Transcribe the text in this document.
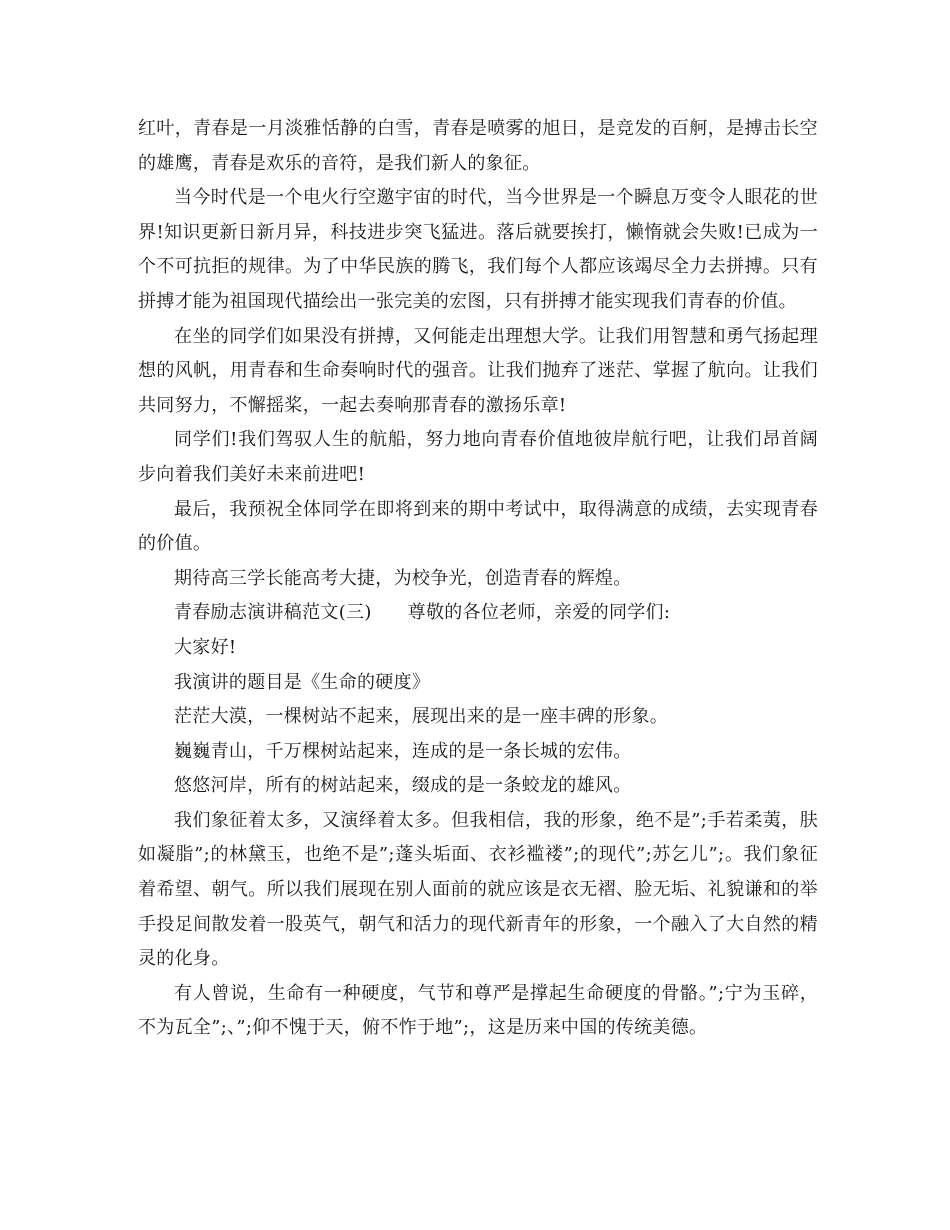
红叶，青春是一月淡雅恬静的白雪，青春是喷雾的旭日，是竞发的百舸，是搏击长空的雄鹰，青春是欢乐的音符，是我们新人的象征。

当今时代是一个电火行空邀宇宙的时代，当今世界是一个瞬息万变令人眼花的世界!知识更新日新月异，科技进步突飞猛进。落后就要挨打，懒惰就会失败!已成为一个不可抗拒的规律。为了中华民族的腾飞，我们每个人都应该竭尽全力去拼搏。只有拼搏才能为祖国现代描绘出一张完美的宏图，只有拼搏才能实现我们青春的价值。

在坐的同学们如果没有拼搏，又何能走出理想大学。让我们用智慧和勇气扬起理想的风帆，用青春和生命奏响时代的强音。让我们抛弃了迷茫、掌握了航向。让我们共同努力，不懈摇桨，一起去奏响那青春的激扬乐章!

同学们!我们驾驭人生的航船，努力地向青春价值地彼岸航行吧，让我们昂首阔步向着我们美好未来前进吧!

最后，我预祝全体同学在即将到来的期中考试中，取得满意的成绩，去实现青春的价值。

期待高三学长能高考大捷，为校争光，创造青春的辉煌。

青春励志演讲稿范文(三) 尊敬的各位老师，亲爱的同学们:

大家好!

我演讲的题目是《生命的硬度》

茫茫大漠，一棵树站不起来，展现出来的是一座丰碑的形象。

巍巍青山，千万棵树站起来，连成的是一条长城的宏伟。

悠悠河岸，所有的树站起来，缀成的是一条蛟龙的雄风。

我们象征着太多，又演绎着太多。但我相信，我的形象，绝不是”;手若柔荑，肤如凝脂”;的林黛玉，也绝不是”;蓬头垢面、衣衫褴褛”;的现代”;苏乞儿”;。我们象征着希望、朝气。所以我们展现在别人面前的就应该是衣无褶、脸无垢、礼貌谦和的举手投足间散发着一股英气，朝气和活力的现代新青年的形象，一个融入了大自然的精灵的化身。

有人曾说，生命有一种硬度，气节和尊严是撑起生命硬度的骨骼。”;宁为玉碎，不为瓦全”;、”;仰不愧于天，俯不怍于地”;，这是历来中国的传统美德。
